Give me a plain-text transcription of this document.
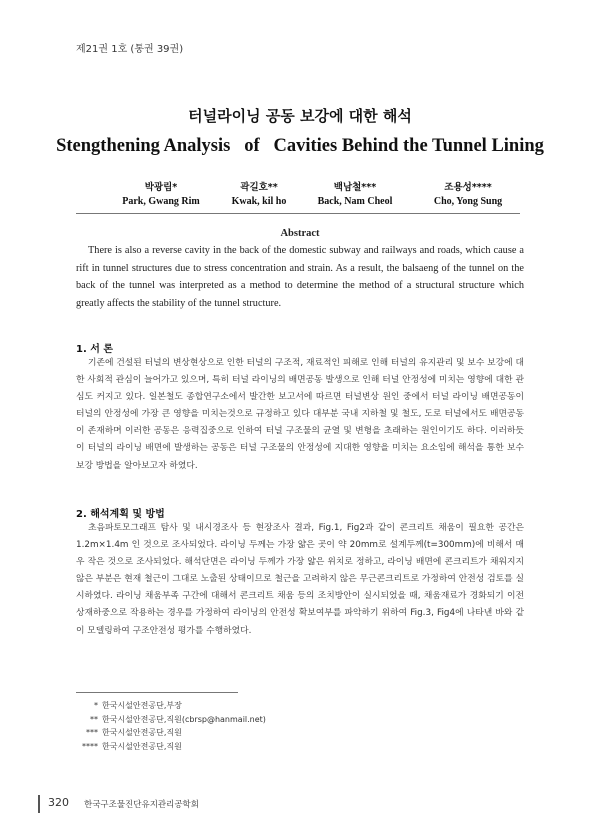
제21권 1호 (통권 39권)
터널라이닝 공동 보강에 대한 해석
Stengthening Analysis   of   Cavities Behind the Tunnel Lining
박광림*
Park, Gwang Rim
곽길호**
Kwak, kil ho
백남철***
Back, Nam Cheol
조용성****
Cho, Yong Sung
Abstract
There is also a reverse cavity in the back of the domestic subway and railways and roads, which cause a rift in tunnel structures due to stress concentration and strain. As a result, the balsaeng of the tunnel on the back of the tunnel was interpreted as a method to determine the method of a structural structure which greatly affects the stability of the tunnel structure.
1. 서 론
기존에 건설된 터널의 변상현상으로 인한 터널의 구조적, 재료적인 피해로 인해 터널의 유지관리 및 보수 보강에 대한 사회적 관심이 늘어가고 있으며, 특히 터널 라이닝의 배면공동 발생으로 인해 터널 안정성에 미치는 영향에 대한 관심도 커지고 있다. 일본철도 종합연구소에서 발간한 보고서에 따르면 터널변상 원인 중에서 터널 라이닝 배면공동이 터널의 안정성에 가장 큰 영향을 미치는것으로 규정하고 있다 대부분 국내 지하철 및 철도, 도로 터널에서도 배면공동이 존재하며 이러한 공동은 응력집중으로 인하여 터널 구조물의 균열 및 변형을 초래하는 원인이기도 하다. 이러하듯이 터널의 라이닝 배면에 발생하는 공동은 터널 구조물의 안정성에 지대한 영향을 미치는 요소임에 해석을 통한 보수보강 방법을 알아보고자 하였다.
2. 해석계획 및 방법
초음파토모그래프 탐사 및 내시경조사 등 현장조사 결과, Fig.1, Fig2과 같이 콘크리트 채움이 필요한 공간은 1.2m×1.4m 인 것으로 조사되었다. 라이닝 두께는 가장 얇은 곳이 약 20mm로 설계두께(t=300mm)에 비해서 매우 작은 것으로 조사되었다. 해석단면은 라이닝 두께가 가장 얇은 위치로 정하고, 라이닝 배면에 콘크리트가 채워지지 않은 부분은 현재 철근이 그대로 노출된 상태이므로 철근을 고려하지 않은 무근콘크리트로 가정하여 안전성 검토를 실시하였다. 라이닝 채움부족 구간에 대해서 콘크리트 채움 등의 조치방안이 실시되었을 때, 채움재료가 경화되기 이전 상재하중으로 작용하는 경우를 가정하여 라이닝의 안전성 확보여부를 파악하기 위하여 Fig.3, Fig4에 나타낸 바와 같이 모델링하여 구조안전성 평가를 수행하였다.
* 한국시설안전공단,부장
** 한국시설안전공단,직원(cbrsp@hanmail.net)
*** 한국시설안전공단,직원
**** 한국시설안전공단,직원
320 한국구조물진단유지관리공학회
